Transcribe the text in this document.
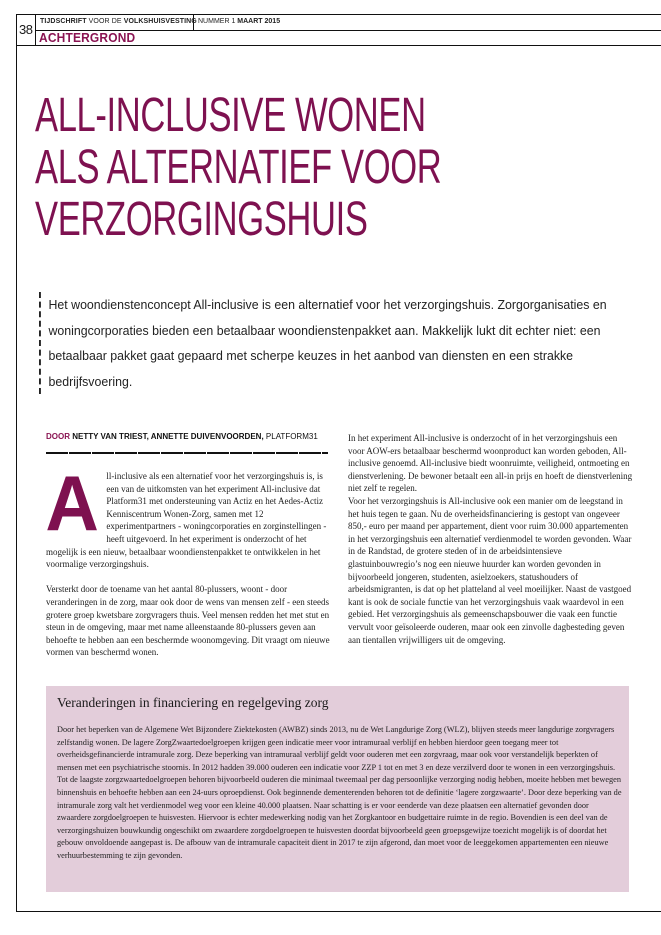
38
TIJDSCHRIFT VOOR DE VOLKSHUISVESTING NUMMER 1 MAART 2015
ACHTERGROND
ALL-INCLUSIVE WONEN
ALS ALTERNATIEF VOOR
VERZORGINGSHUIS
Het woondienstenconcept All-inclusive is een alternatief voor het verzorgingshuis. Zorgorganisaties en woningcorporaties bieden een betaalbaar woondienstenpakket aan. Makkelijk lukt dit echter niet: een betaalbaar pakket gaat gepaard met scherpe keuzes in het aanbod van diensten en een strakke bedrijfsvoering.
DOOR NETTY VAN TRIEST, ANNETTE DUIVENVOORDEN, PLATFORM31

All-inclusive als een alternatief voor het verzorgingshuis is, is een van de uitkomsten van het experiment All-inclusive dat Platform31 met ondersteuning van Actiz en het Aedes-Actiz Kenniscentrum Wonen-Zorg, samen met 12 experimentpartners - woningcorporaties en zorginstellingen - heeft uitgevoerd. In het experiment is onderzocht of het mogelijk is een nieuw, betaalbaar woondienstenpakket te ontwikkelen in het voormalige verzorgingshuis.

Versterkt door de toename van het aantal 80-plussers, woont - door veranderingen in de zorg, maar ook door de wens van mensen zelf - een steeds grotere groep kwetsbare zorgvragers thuis. Veel mensen redden het met stut en steun in de omgeving, maar met name alleenstaande 80-plussers geven aan behoefte te hebben aan een beschermde woonomgeving. Dit vraagt om nieuwe vormen van beschermd wonen.

In het experiment All-inclusive is onderzocht of in het verzorgingshuis een voor AOW-ers betaalbaar beschermd woonproduct kan worden geboden, All-inclusive genoemd. All-inclusive biedt woonruimte, veiligheid, ontmoeting en dienstverlening. De bewoner betaalt een all-in prijs en hoeft de dienstverlening niet zelf te regelen.

Voor het verzorgingshuis is All-inclusive ook een manier om de leegstand in het huis tegen te gaan. Nu de overheidsfinanciering is gestopt van ongeveer 850,- euro per maand per appartement, dient voor ruim 30.000 appartementen in het verzorgingshuis een alternatief verdienmodel te worden gevonden. Waar in de Randstad, de grotere steden of in de arbeidsintensieve glastuinbouwregio’s nog een nieuwe huurder kan worden gevonden in bijvoorbeeld jongeren, studenten, asielzoekers, statushouders of arbeidsmigranten, is dat op het platteland al veel moeilijker. Naast de vastgoed kant is ook de sociale functie van het verzorgingshuis vaak waardevol in een gebied. Het verzorgingshuis als gemeenschapsbouwer die vaak een functie vervult voor geïsoleerde ouderen, maar ook een zinvolle dagbesteding geven aan tientallen vrijwilligers uit de omgeving.

Veranderingen in financiering en regelgeving zorg
Door het beperken van de Algemene Wet Bijzondere Ziektekosten (AWBZ) sinds 2013, nu de Wet Langdurige Zorg (WLZ), blijven steeds meer langdurige zorgvragers zelfstandig wonen. De lagere ZorgZwaartedoelgroepen krijgen geen indicatie meer voor intramuraal verblijf en hebben hierdoor geen toegang meer tot overheidsgefinancierde intramurale zorg. Deze beperking van intramuraal verblijf geldt voor ouderen met een zorgvraag, maar ook voor verstandelijk beperkten of mensen met een psychiatrische stoornis. In 2012 hadden 39.000 ouderen een indicatie voor ZZP 1 tot en met 3 en deze verzilverd door te wonen in een verzorgingshuis. Tot de laagste zorgzwaartedoelgroepen behoren bijvoorbeeld ouderen die minimaal tweemaal per dag persoonlijke verzorging nodig hebben, moeite hebben met bewegen binnenshuis en behoefte hebben aan een 24-uurs oproepdienst. Ook beginnende dementerenden behoren tot de definitie ‘lagere zorgzwaarte’. Door deze beperking van de intramurale zorg valt het verdienmodel weg voor een kleine 40.000 plaatsen. Naar schatting is er voor eenderde van deze plaatsen een alternatief gevonden door zwaardere zorgdoelgroepen te huisvesten. Hiervoor is echter medewerking nodig van het Zorgkantoor en budgettaire ruimte in de regio. Bovendien is een deel van de verzorgingshuizen bouwkundig ongeschikt om zwaardere zorgdoelgroepen te huisvesten doordat bijvoorbeeld geen groepsgewijze toezicht mogelijk is of doordat het gebouw onvoldoende aangepast is. De afbouw van de intramurale capaciteit dient in 2017 te zijn afgerond, dan moet voor de leeggekomen appartementen een nieuwe verhuurbestemming te zijn gevonden.
